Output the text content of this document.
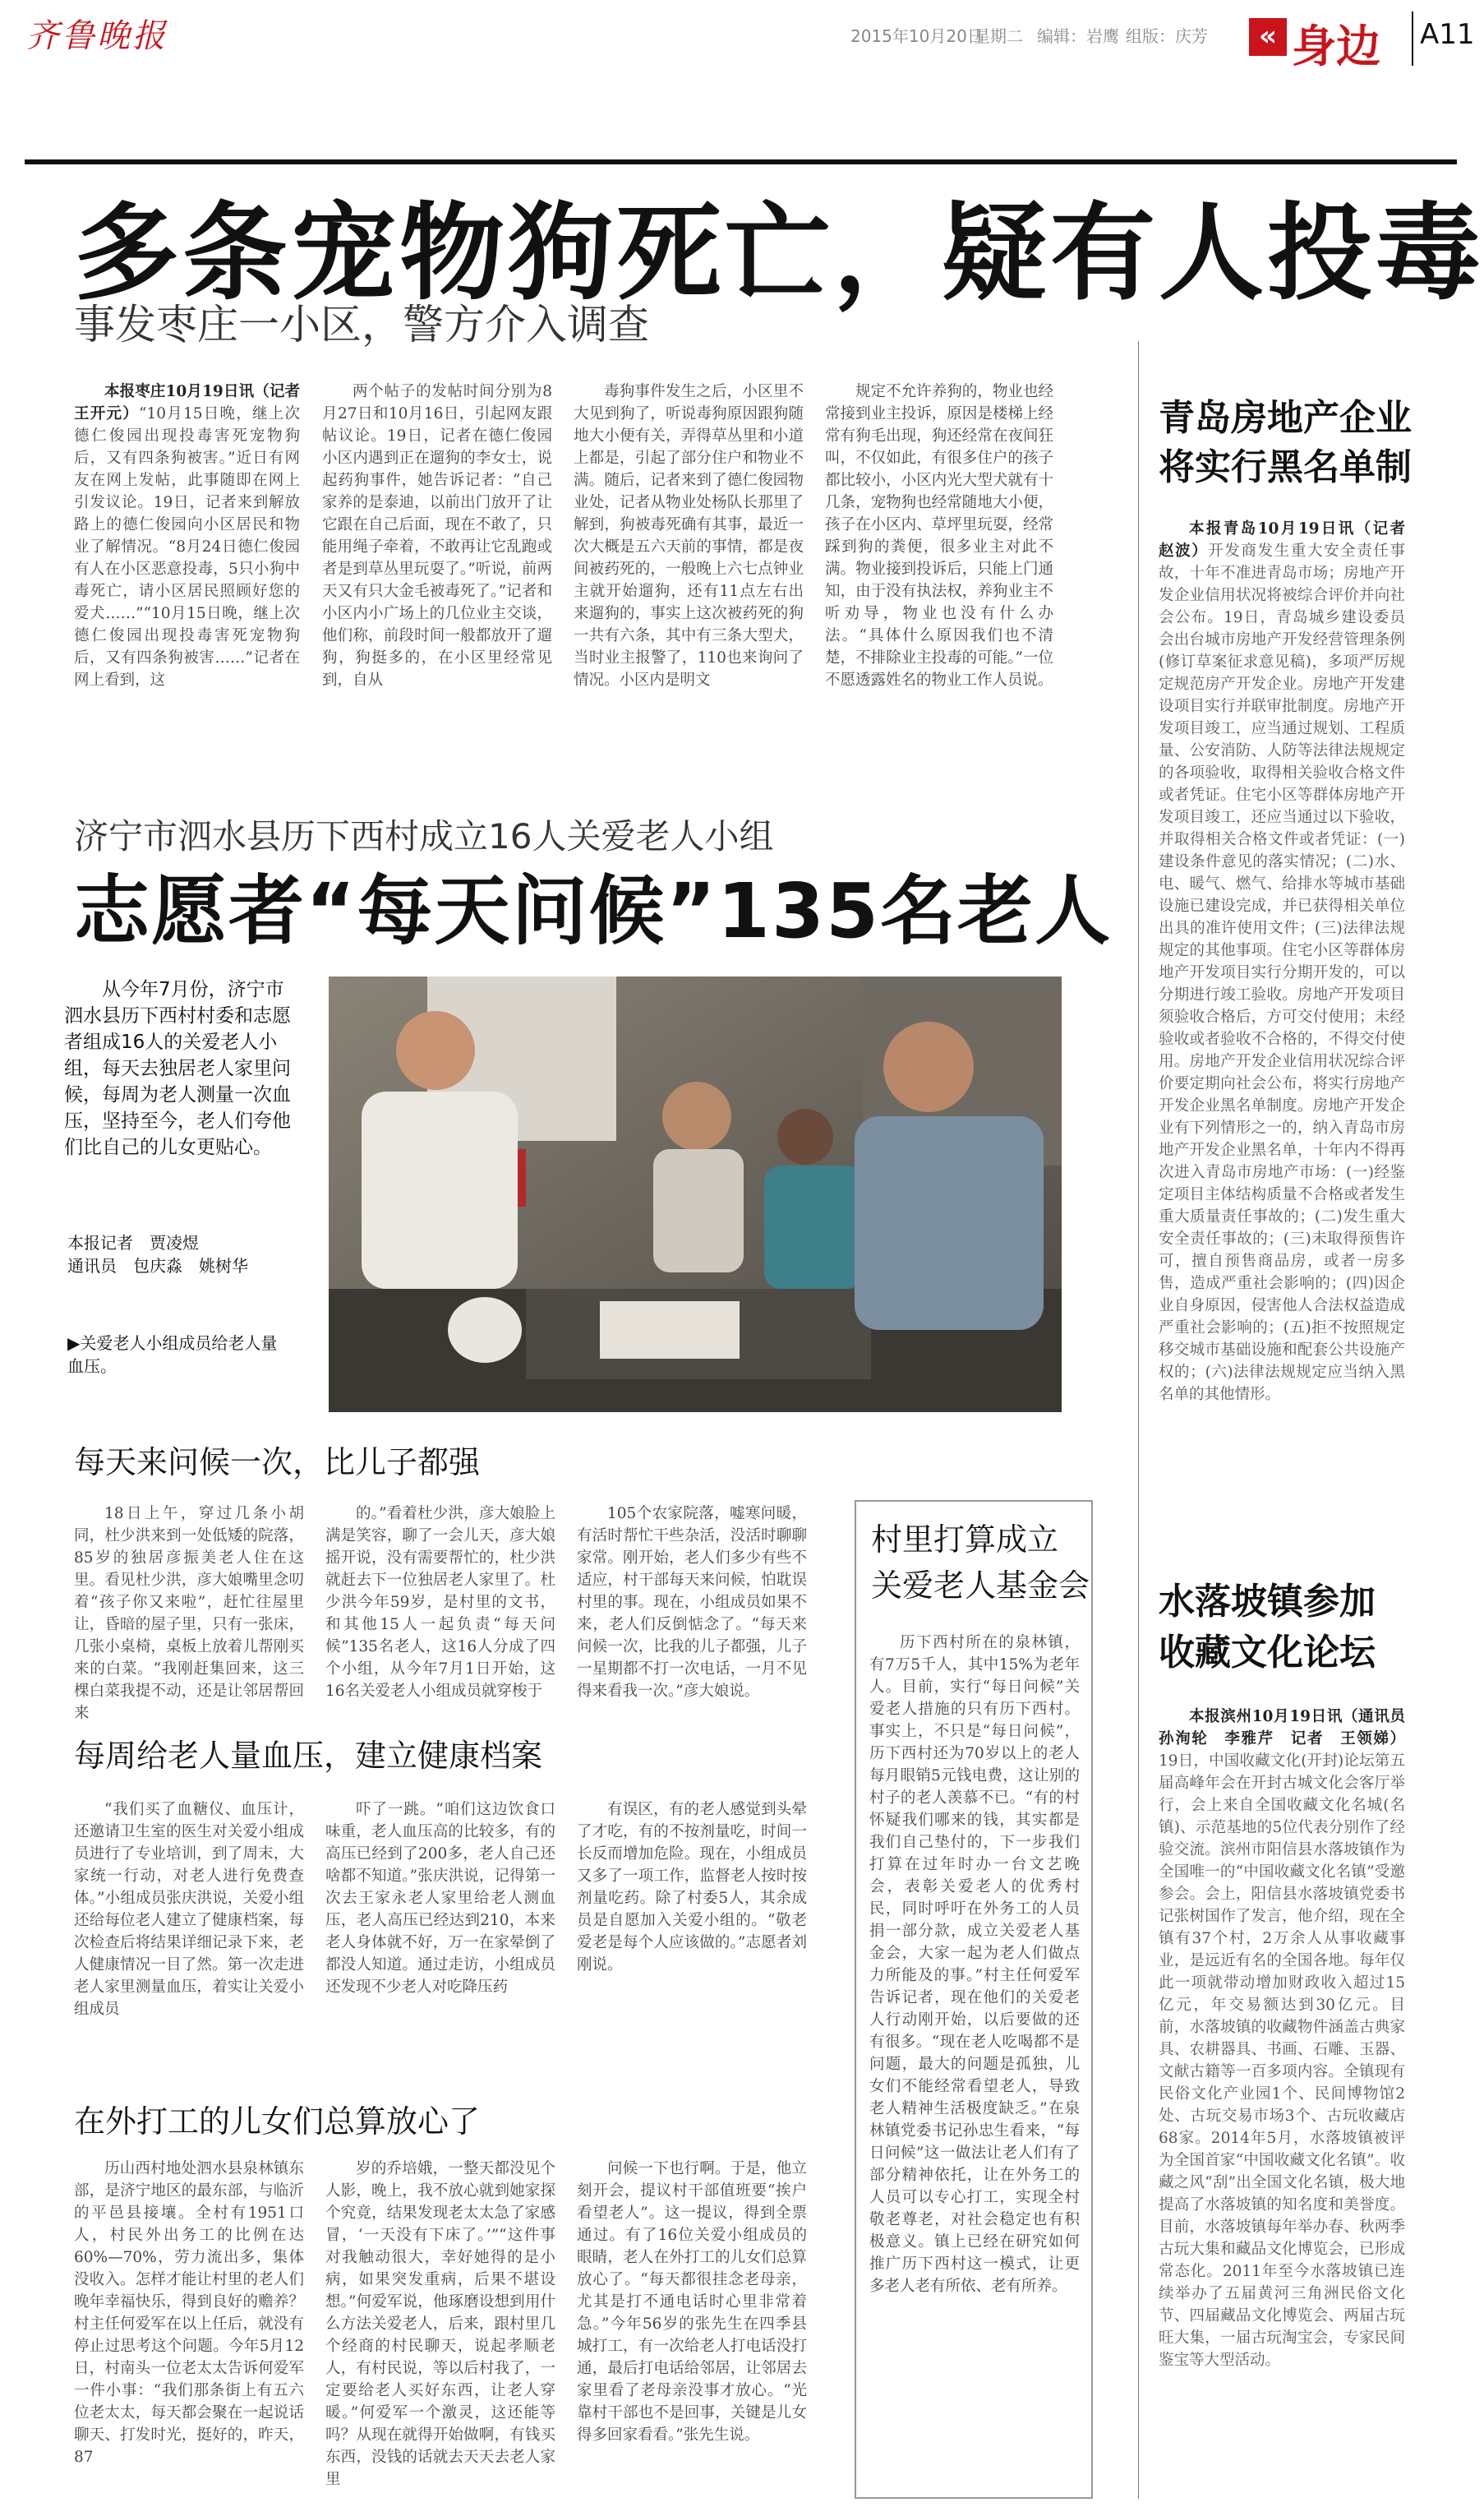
齐鲁晚报	2015年10月20日
星期二 编辑：岩鹰 组版：庆芳	« 身边 A11
多条宠物狗死亡，疑有人投毒
事发枣庄一小区，警方介入调查

本报枣庄10月19日讯（记者　王开元）“10月15日晚，继上次德仁俊园出现投毒害死宠物狗后，又有四条狗被害。”近日有网友在网上发帖，此事随即在网上引发议论。19日，记者来到解放路上的德仁俊园向小区居民和物业了解情况。“8月24日德仁俊园有人在小区恶意投毒，5只小狗中毒死亡，请小区居民照顾好您的爱犬……”“10月15日晚，继上次德仁俊园出现投毒害死宠物狗后，又有四条狗被害……”记者在网上看到，这

两个帖子的发帖时间分别为8月27日和10月16日，引起网友跟帖议论。19日，记者在德仁俊园小区内遇到正在遛狗的李女士，说起药狗事件，她告诉记者：“自己家养的是泰迪，以前出门放开了让它跟在自己后面，现在不敢了，只能用绳子牵着，不敢再让它乱跑或者是到草丛里玩耍了。”听说，前两天又有只大金毛被毒死了。”记者和小区内小广场上的几位业主交谈，他们称，前段时间一般都放开了遛狗，狗挺多的，在小区里经常见到，自从

毒狗事件发生之后，小区里不大见到狗了，听说毒狗原因跟狗随地大小便有关，弄得草丛里和小道上都是，引起了部分住户和物业不满。随后，记者来到了德仁俊园物业处，记者从物业处杨队长那里了解到，狗被毒死确有其事，最近一次大概是五六天前的事情，都是夜间被药死的，一般晚上六七点钟业主就开始遛狗，还有11点左右出来遛狗的，事实上这次被药死的狗一共有六条，其中有三条大型犬，当时业主报警了，110也来询问了情况。小区内是明文

规定不允许养狗的，物业也经常接到业主投诉，原因是楼梯上经常有狗毛出现，狗还经常在夜间狂叫，不仅如此，有很多住户的孩子都比较小，小区内光大型犬就有十几条，宠物狗也经常随地大小便，孩子在小区内、草坪里玩耍，经常踩到狗的粪便，很多业主对此不满。物业接到投诉后，只能上门通知，由于没有执法权，养狗业主不听劝导，物业也没有什么办法。“具体什么原因我们也不清楚，不排除业主投毒的可能。”一位不愿透露姓名的物业工作人员说。

济宁市泗水县历下西村成立16人关爱老人小组
志愿者“每天问候”135名老人

从今年7月份，济宁市泗水县历下西村村委和志愿者组成16人的关爱老人小组，每天去独居老人家里问候，每周为老人测量一次血压，坚持至今，老人们夸他们比自己的儿女更贴心。

本报记者　贾凌煜
通讯员　包庆淼　姚树华
▶关爱老人小组成员给老人量血压。
每天来问候一次，比儿子都强

18日上午，穿过几条小胡同，杜少洪来到一处低矮的院落，85岁的独居彦振美老人住在这里。看见杜少洪，彦大娘嘴里念叨着“孩子你又来啦”，赶忙往屋里让，昏暗的屋子里，只有一张床，几张小桌椅，桌板上放着儿帮刚买来的白菜。“我刚赶集回来，这三棵白菜我提不动，还是让邻居帮回来

的。”看着杜少洪，彦大娘脸上满是笑容，聊了一会儿天，彦大娘摇开说，没有需要帮忙的，杜少洪就赶去下一位独居老人家里了。杜少洪今年59岁，是村里的文书，和其他15人一起负责“每天问候”135名老人，这16人分成了四个小组，从今年7月1日开始，这16名关爱老人小组成员就穿梭于

105个农家院落，嘘寒问暖，有活时帮忙干些杂活，没活时聊聊家常。刚开始，老人们多少有些不适应，村干部每天来问候，怕耽误村里的事。现在，小组成员如果不来，老人们反倒惦念了。“每天来问候一次，比我的儿子都强，儿子一星期都不打一次电话，一月不见得来看我一次。”彦大娘说。

每周给老人量血压，建立健康档案

“我们买了血糖仪、血压计，还邀请卫生室的医生对关爱小组成员进行了专业培训，到了周末，大家统一行动，对老人进行免费查体。”小组成员张庆洪说，关爱小组还给每位老人建立了健康档案，每次检查后将结果详细记录下来，老人健康情况一目了然。第一次走进老人家里测量血压，着实让关爱小组成员

吓了一跳。“咱们这边饮食口味重，老人血压高的比较多，有的高压已经到了200多，老人自己还啥都不知道。”张庆洪说，记得第一次去王家永老人家里给老人测血压，老人高压已经达到210，本来老人身体就不好，万一在家晕倒了都没人知道。通过走访，小组成员还发现不少老人对吃降压药

有误区，有的老人感觉到头晕了才吃，有的不按剂量吃，时间一长反而增加危险。现在，小组成员又多了一项工作，监督老人按时按剂量吃药。除了村委5人，其余成员是自愿加入关爱小组的。“敬老爱老是每个人应该做的。”志愿者刘刚说。

在外打工的儿女们总算放心了

历山西村地处泗水县泉林镇东部，是济宁地区的最东部，与临沂的平邑县接壤。全村有1951口人，村民外出务工的比例在达60%—70%，劳力流出多，集体没收入。怎样才能让村里的老人们晚年幸福快乐，得到良好的赡养？村主任何爱军在以上任后，就没有停止过思考这个问题。今年5月12日，村南头一位老太太告诉何爱军一件小事：“我们那条街上有五六位老太太，每天都会聚在一起说话聊天、打发时光，挺好的，昨天，87

岁的乔培娥，一整天都没见个人影，晚上，我不放心就到她家探个究竟，结果发现老太太急了家感冒，‘一天没有下床了。’”“这件事对我触动很大，幸好她得的是小病，如果突发重病，后果不堪设想。”何爱军说，他琢磨设想到用什么方法关爱老人，后来，跟村里几个经商的村民聊天，说起孝顺老人，有村民说，等以后村我了，一定要给老人买好东西，让老人穿暖。”何爱军一个激灵，这还能等吗？从现在就得开始做啊，有钱买东西，没钱的话就去天天去老人家里

问候一下也行啊。于是，他立刻开会，提议村干部值班要“挨户看望老人”。这一提议，得到全票通过。有了16位关爱小组成员的眼睛，老人在外打工的儿女们总算放心了。“每天都很挂念老母亲，尤其是打不通电话时心里非常着急。”今年56岁的张先生在四季县城打工，有一次给老人打电话没打通，最后打电话给邻居，让邻居去家里看了老母亲没事才放心。“光靠村干部也不是回事，关键是儿女得多回家看看。”张先生说。

村里打算成立
关爱老人基金会

历下西村所在的泉林镇，有7万5千人，其中15%为老年人。目前，实行“每日问候”关爱老人措施的只有历下西村。事实上，不只是“每日问候”，历下西村还为70岁以上的老人每月眼销5元钱电费，这让别的村子的老人羡慕不已。“有的村怀疑我们哪来的钱，其实都是我们自己垫付的，下一步我们打算在过年时办一台文艺晚会，表彰关爱老人的优秀村民，同时呼吁在外务工的人员捐一部分款，成立关爱老人基金会，大家一起为老人们做点力所能及的事。”村主任何爱军告诉记者，现在他们的关爱老人行动刚开始，以后要做的还有很多。“现在老人吃喝都不是问题，最大的问题是孤独，儿女们不能经常看望老人，导致老人精神生活极度缺乏。”在泉林镇党委书记孙忠生看来，“每日问候”这一做法让老人们有了部分精神依托，让在外务工的人员可以专心打工，实现全村敬老尊老，对社会稳定也有积极意义。镇上已经在研究如何推广历下西村这一模式，让更多老人老有所依、老有所养。

青岛房地产企业
将实行黑名单制

本报青岛10月19日讯（记者　赵波）开发商发生重大安全责任事故，十年不准进青岛市场；房地产开发企业信用状况将被综合评价并向社会公布。19日，青岛城乡建设委员会出台城市房地产开发经营管理条例(修订草案征求意见稿)，多项严厉规定规范房产开发企业。房地产开发建设项目实行并联审批制度。房地产开发项目竣工，应当通过规划、工程质量、公安消防、人防等法律法规规定的各项验收，取得相关验收合格文件或者凭证。住宅小区等群体房地产开发项目竣工，还应当通过以下验收，并取得相关合格文件或者凭证：(一)建设条件意见的落实情况；(二)水、电、暖气、燃气、给排水等城市基础设施已建设完成，并已获得相关单位出具的准许使用文件；(三)法律法规规定的其他事项。住宅小区等群体房地产开发项目实行分期开发的，可以分期进行竣工验收。房地产开发项目须验收合格后，方可交付使用；未经验收或者验收不合格的，不得交付使用。房地产开发企业信用状况综合评价要定期向社会公布，将实行房地产开发企业黑名单制度。房地产开发企业有下列情形之一的，纳入青岛市房地产开发企业黑名单，十年内不得再次进入青岛市房地产市场：(一)经鉴定项目主体结构质量不合格或者发生重大质量责任事故的；(二)发生重大安全责任事故的；(三)未取得预售许可，擅自预售商品房，或者一房多售，造成严重社会影响的；(四)因企业自身原因，侵害他人合法权益造成严重社会影响的；(五)拒不按照规定移交城市基础设施和配套公共设施产权的；(六)法律法规规定应当纳入黑名单的其他情形。

水落坡镇参加
收藏文化论坛

本报滨州10月19日讯（通讯员　孙洵轮　李雅芹　记者　王领娣）19日，中国收藏文化(开封)论坛第五届高峰年会在开封古城文化会客厅举行，会上来自全国收藏文化名城(名镇)、示范基地的5位代表分别作了经验交流。滨州市阳信县水落坡镇作为全国唯一的“中国收藏文化名镇”受邀参会。会上，阳信县水落坡镇党委书记张树国作了发言，他介绍，现在全镇有37个村，2万余人从事收藏事业，是远近有名的全国各地。每年仅此一项就带动增加财政收入超过15亿元，年交易额达到30亿元。目前，水落坡镇的收藏物件涵盖古典家具、农耕器具、书画、石雕、玉器、文献古籍等一百多项内容。全镇现有民俗文化产业园1个、民间博物馆2处、古玩交易市场3个、古玩收藏店68家。2014年5月，水落坡镇被评为全国首家“中国收藏文化名镇”。收藏之风“刮”出全国文化名镇，极大地提高了水落坡镇的知名度和美誉度。目前，水落坡镇每年举办春、秋两季古玩大集和藏品文化博览会，已形成常态化。2011年至今水落坡镇已连续举办了五届黄河三角洲民俗文化节、四届藏品文化博览会、两届古玩旺大集，一届古玩淘宝会，专家民间鉴宝等大型活动。
